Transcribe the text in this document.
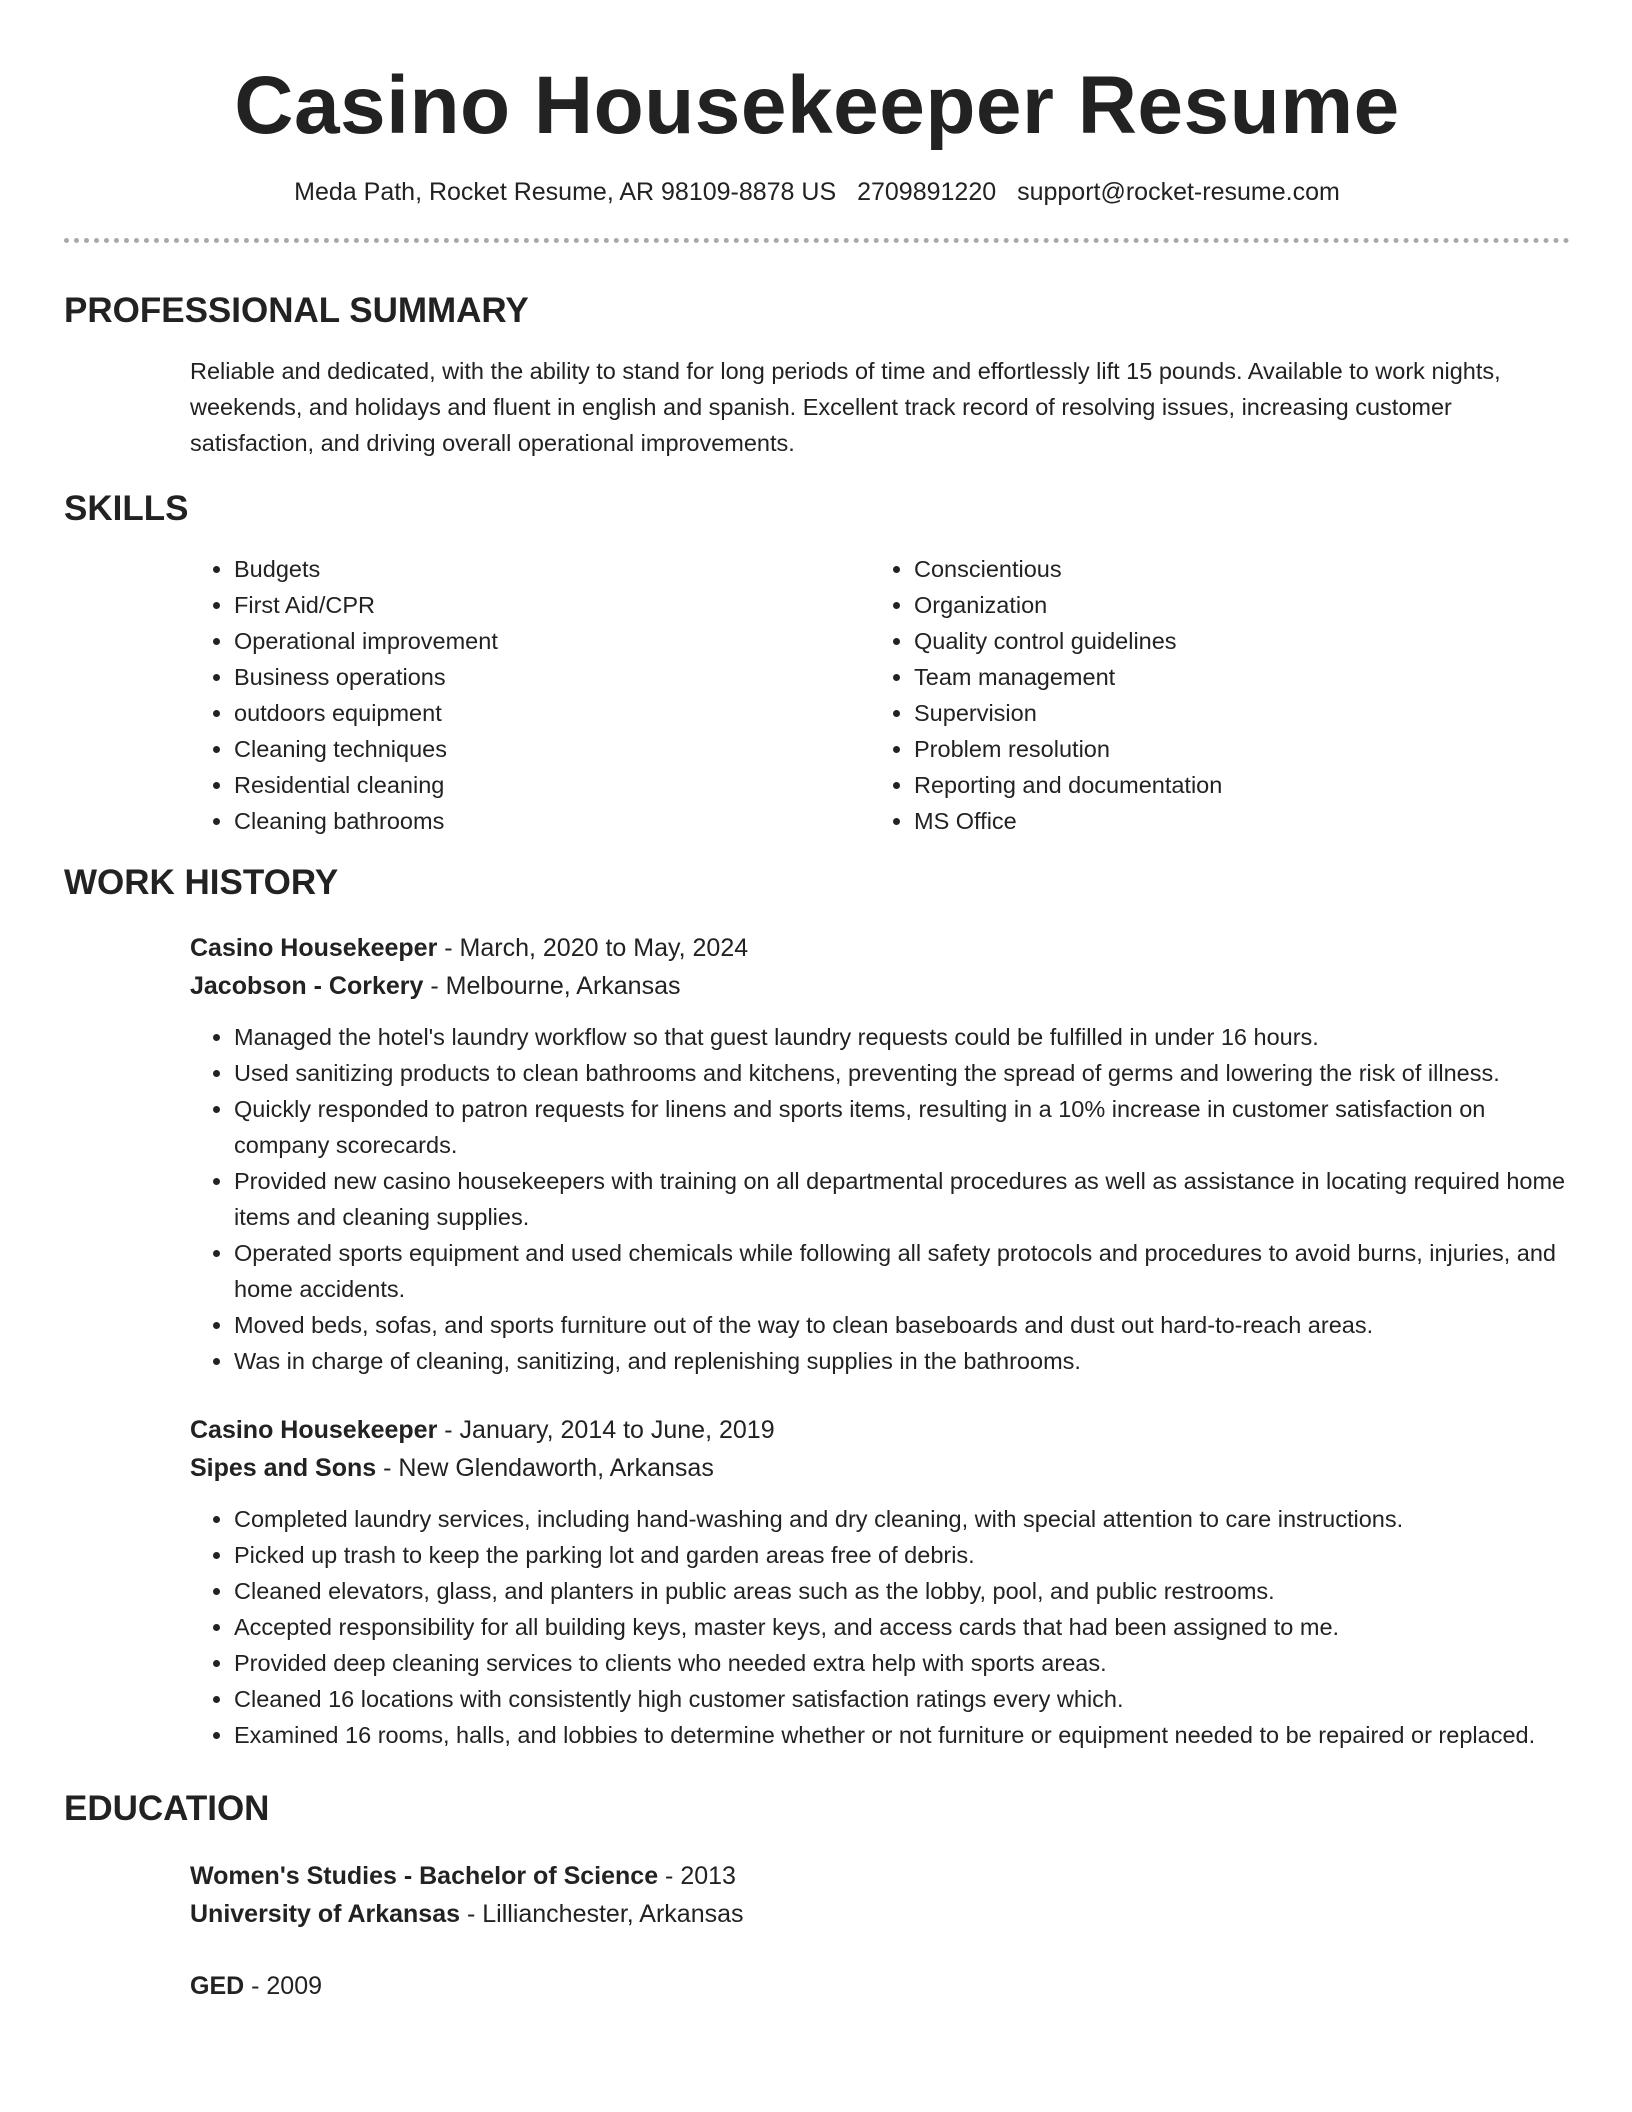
Casino Housekeeper Resume
Meda Path, Rocket Resume, AR 98109-8878 US 2709891220 support@rocket-resume.com
PROFESSIONAL SUMMARY

Reliable and dedicated, with the ability to stand for long periods of time and effortlessly lift 15 pounds. Available to work nights, weekends, and holidays and fluent in english and spanish. Excellent track record of resolving issues, increasing customer satisfaction, and driving overall operational improvements.

SKILLS
• Budgets
• First Aid/CPR
• Operational improvement
• Business operations
• outdoors equipment
• Cleaning techniques
• Residential cleaning
• Cleaning bathrooms
• Conscientious
• Organization
• Quality control guidelines
• Team management
• Supervision
• Problem resolution
• Reporting and documentation
• MS Office
WORK HISTORY
Casino Housekeeper - March, 2020 to May, 2024
Jacobson - Corkery - Melbourne, Arkansas
• Managed the hotel's laundry workflow so that guest laundry requests could be fulfilled in under 16 hours.
• Used sanitizing products to clean bathrooms and kitchens, preventing the spread of germs and lowering the risk of illness.
• Quickly responded to patron requests for linens and sports items, resulting in a 10% increase in customer satisfaction on company scorecards.
• Provided new casino housekeepers with training on all departmental procedures as well as assistance in locating required home items and cleaning supplies.
• Operated sports equipment and used chemicals while following all safety protocols and procedures to avoid burns, injuries, and home accidents.
• Moved beds, sofas, and sports furniture out of the way to clean baseboards and dust out hard-to-reach areas.
• Was in charge of cleaning, sanitizing, and replenishing supplies in the bathrooms.
Casino Housekeeper - January, 2014 to June, 2019
Sipes and Sons - New Glendaworth, Arkansas
• Completed laundry services, including hand-washing and dry cleaning, with special attention to care instructions.
• Picked up trash to keep the parking lot and garden areas free of debris.
• Cleaned elevators, glass, and planters in public areas such as the lobby, pool, and public restrooms.
• Accepted responsibility for all building keys, master keys, and access cards that had been assigned to me.
• Provided deep cleaning services to clients who needed extra help with sports areas.
• Cleaned 16 locations with consistently high customer satisfaction ratings every which.
• Examined 16 rooms, halls, and lobbies to determine whether or not furniture or equipment needed to be repaired or replaced.
EDUCATION
Women's Studies - Bachelor of Science - 2013
University of Arkansas - Lillianchester, Arkansas
GED - 2009
